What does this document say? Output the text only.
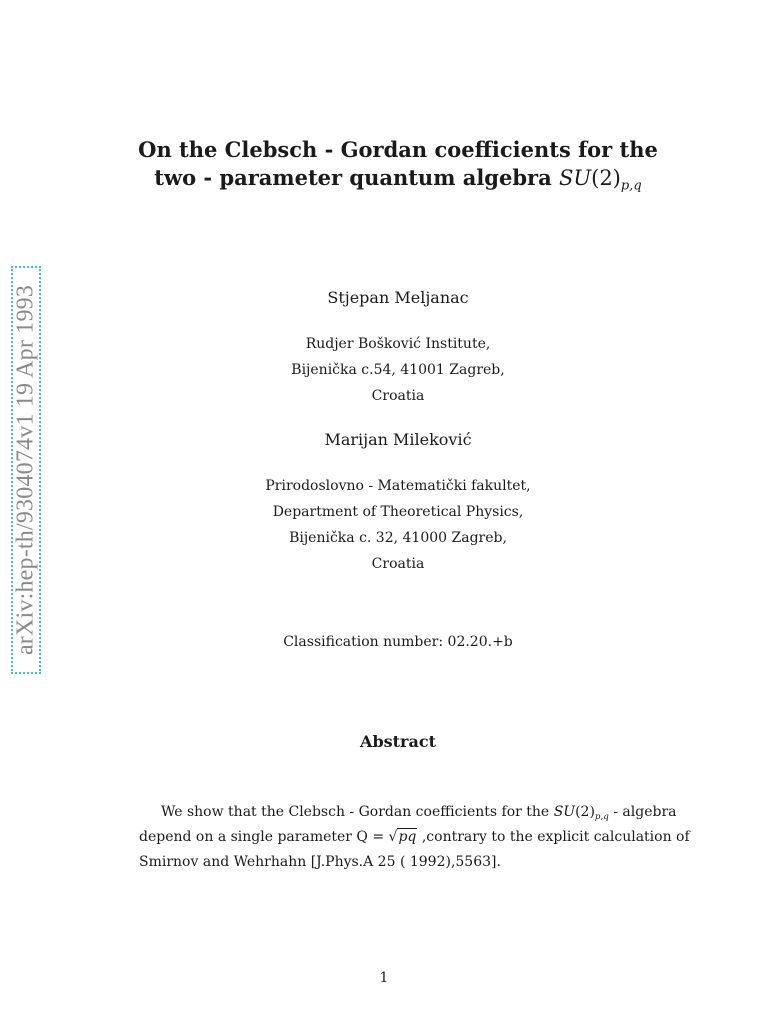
arXiv:hep-th/9304074v1 19 Apr 1993
On the Clebsch - Gordan coefficients for the
two - parameter quantum algebra $SU(2)_{p,q}$
Stjepan Meljanac
Rudjer Bošković Institute,
Bijenička c.54, 41001 Zagreb,
Croatia
Marijan Mileković
Prirodoslovno - Matematički fakultet,
Department of Theoretical Physics,
Bijenička c. 32, 41000 Zagreb,
Croatia
Classification number: 02.20.+b
Abstract
We show that the Clebsch - Gordan coefficients for the $SU(2)_{p,q}$ - algebra
depend on a single parameter Q = √pq ,contrary to the explicit calculation of
Smirnov and Wehrhahn [J.Phys.A 25 ( 1992),5563].
1
